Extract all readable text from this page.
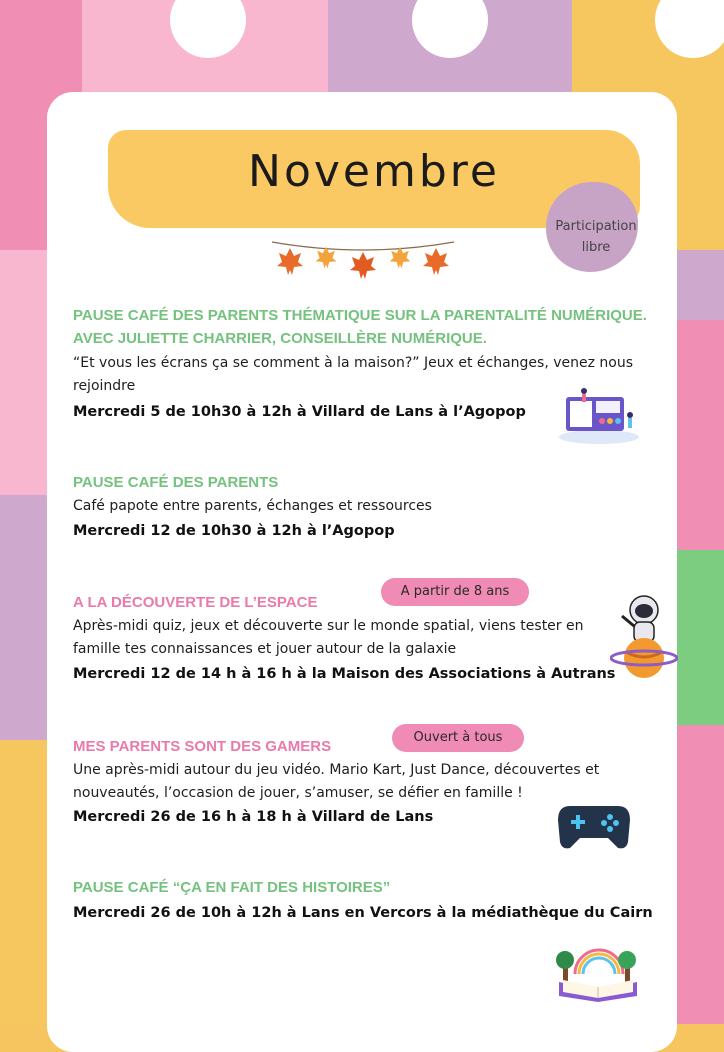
Novembre
Participation
libre
PAUSE CAFÉ DES PARENTS THÉMATIQUE SUR LA PARENTALITÉ NUMÉRIQUE.
AVEC JULIETTE CHARRIER, CONSEILLÈRE NUMÉRIQUE.
“Et vous les écrans ça se comment à la maison?” Jeux et échanges, venez nous
rejoindre
Mercredi 5 de 10h30 à 12h à Villard de Lans à l’Agopop
PAUSE CAFÉ DES PARENTS
Café papote entre parents, échanges et ressources
Mercredi 12 de 10h30 à 12h à l’Agopop
A partir de 8 ans
A LA DÉCOUVERTE DE L’ESPACE
Après-midi quiz, jeux et découverte sur le monde spatial, viens tester en
famille tes connaissances et jouer autour de la galaxie
Mercredi 12 de 14 h à 16 h à la Maison des Associations à Autrans
Ouvert à tous
MES PARENTS SONT DES GAMERS
Une après-midi autour du jeu vidéo. Mario Kart, Just Dance, découvertes et
nouveautés, l’occasion de jouer, s’amuser, se défier en famille !
Mercredi 26 de 16 h à 18 h à Villard de Lans
PAUSE CAFÉ “ÇA EN FAIT DES HISTOIRES”
Mercredi 26 de 10h à 12h à Lans en Vercors à la médiathèque du Cairn
